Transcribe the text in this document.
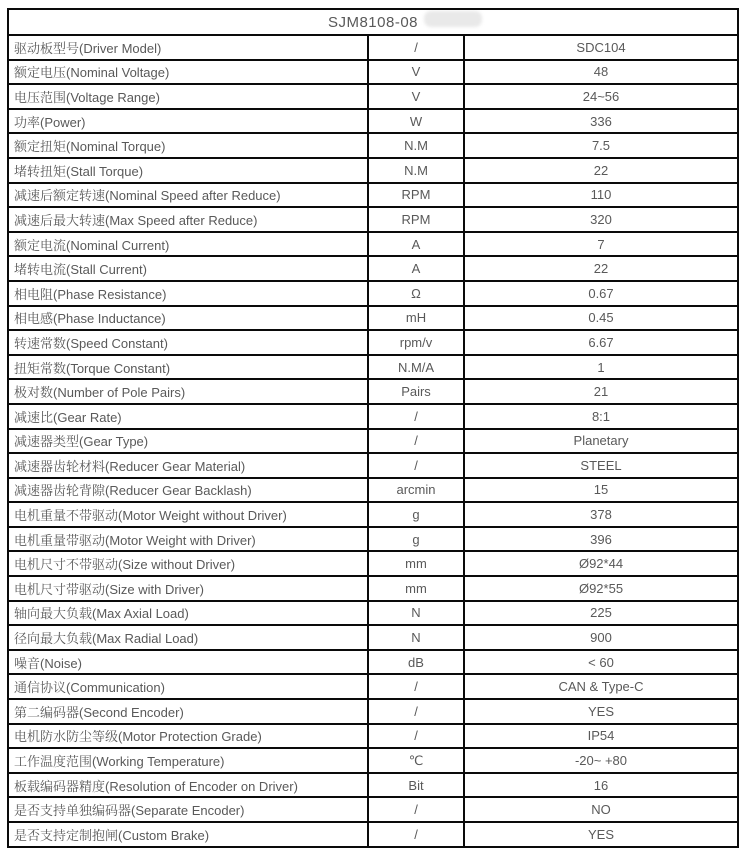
SJM8108-08		
驱动板型号(Driver Model)	/	SDC104
额定电压(Nominal Voltage)	V	48
电压范围(Voltage Range)	V	24~56
功率(Power)	W	336
额定扭矩(Nominal Torque)	N.M	7.5
堵转扭矩(Stall Torque)	N.M	22
减速后额定转速(Nominal Speed after Reduce)	RPM	110
减速后最大转速(Max Speed after Reduce)	RPM	320
额定电流(Nominal Current)	A	7
堵转电流(Stall Current)	A	22
相电阻(Phase Resistance)	Ω	0.67
相电感(Phase Inductance)	mH	0.45
转速常数(Speed Constant)	rpm/v	6.67
扭矩常数(Torque Constant)	N.M/A	1
极对数(Number of Pole Pairs)	Pairs	21
减速比(Gear Rate)	/	8:1
减速器类型(Gear Type)	/	Planetary
减速器齿轮材料(Reducer Gear Material)	/	STEEL
减速器齿轮背隙(Reducer Gear Backlash)	arcmin	15
电机重量不带驱动(Motor Weight without Driver)	g	378
电机重量带驱动(Motor Weight with Driver)	g	396
电机尺寸不带驱动(Size without Driver)	mm	Ø92*44
电机尺寸带驱动(Size with Driver)	mm	Ø92*55
轴向最大负载(Max Axial Load)	N	225
径向最大负载(Max Radial Load)	N	900
噪音(Noise)	dB	< 60
通信协议(Communication)	/	CAN & Type-C
第二编码器(Second Encoder)	/	YES
电机防水防尘等级(Motor Protection Grade)	/	IP54
工作温度范围(Working Temperature)	℃	-20~ +80
板载编码器精度(Resolution of Encoder on Driver)	Bit	16
是否支持单独编码器(Separate Encoder)	/	NO
是否支持定制抱闸(Custom Brake)	/	YES
